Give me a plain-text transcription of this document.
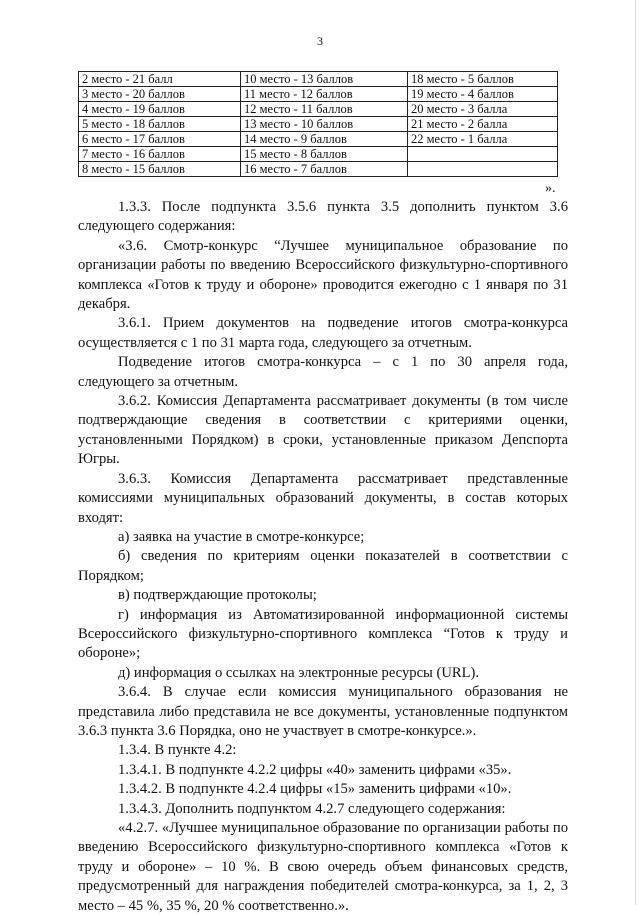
3
2 место - 21 балл	10 место - 13 баллов	18 место - 5 баллов
3 место - 20 баллов	11 место - 12 баллов	19 место - 4 баллов
4 место - 19 баллов	12 место - 11 баллов	20 место - 3 балла
5 место - 18 баллов	13 место - 10 баллов	21 место - 2 балла
6 место - 17 баллов	14 место - 9 баллов	22 место - 1 балла
7 место - 16 баллов	15 место - 8 баллов	
8 место - 15 баллов	16 место - 7 баллов	
».

1.3.3. После подпункта 3.5.6 пункта 3.5 дополнить пунктом 3.6 следующего содержания:

«3.6. Смотр-конкурс “Лучшее муниципальное образование по организации работы по введению Всероссийского физкультурно-спортивного комплекса «Готов к труду и обороне» проводится ежегодно с 1 января по 31 декабря.

3.6.1. Прием документов на подведение итогов смотра-конкурса осуществляется с 1 по 31 марта года, следующего за отчетным.

Подведение итогов смотра-конкурса – с 1 по 30 апреля года, следующего за отчетным.

3.6.2. Комиссия Департамента рассматривает документы (в том числе подтверждающие сведения в соответствии с критериями оценки, установленными Порядком) в сроки, установленные приказом Депспорта Югры.

3.6.3. Комиссия Департамента рассматривает представленные комиссиями муниципальных образований документы, в состав которых входят:

а) заявка на участие в смотре-конкурсе;

б) сведения по критериям оценки показателей в соответствии с Порядком;

в) подтверждающие протоколы;

г) информация из Автоматизированной информационной системы Всероссийского физкультурно-спортивного комплекса “Готов к труду и обороне»;

д) информация о ссылках на электронные ресурсы (URL).

3.6.4. В случае если комиссия муниципального образования не представила либо представила не все документы, установленные подпунктом 3.6.3 пункта 3.6 Порядка, оно не участвует в смотре-конкурсе.».

1.3.4. В пункте 4.2:

1.3.4.1. В подпункте 4.2.2 цифры «40» заменить цифрами «35».

1.3.4.2. В подпункте 4.2.4 цифры «15» заменить цифрами «10».

1.3.4.3. Дополнить подпунктом 4.2.7 следующего содержания:

«4.2.7. «Лучшее муниципальное образование по организации работы по введению Всероссийского физкультурно-спортивного комплекса «Готов к труду и обороне» – 10 %. В свою очередь объем финансовых средств, предусмотренный для награждения победителей смотра-конкурса, за 1, 2, 3 место – 45 %, 35 %, 20 % соответственно.».
